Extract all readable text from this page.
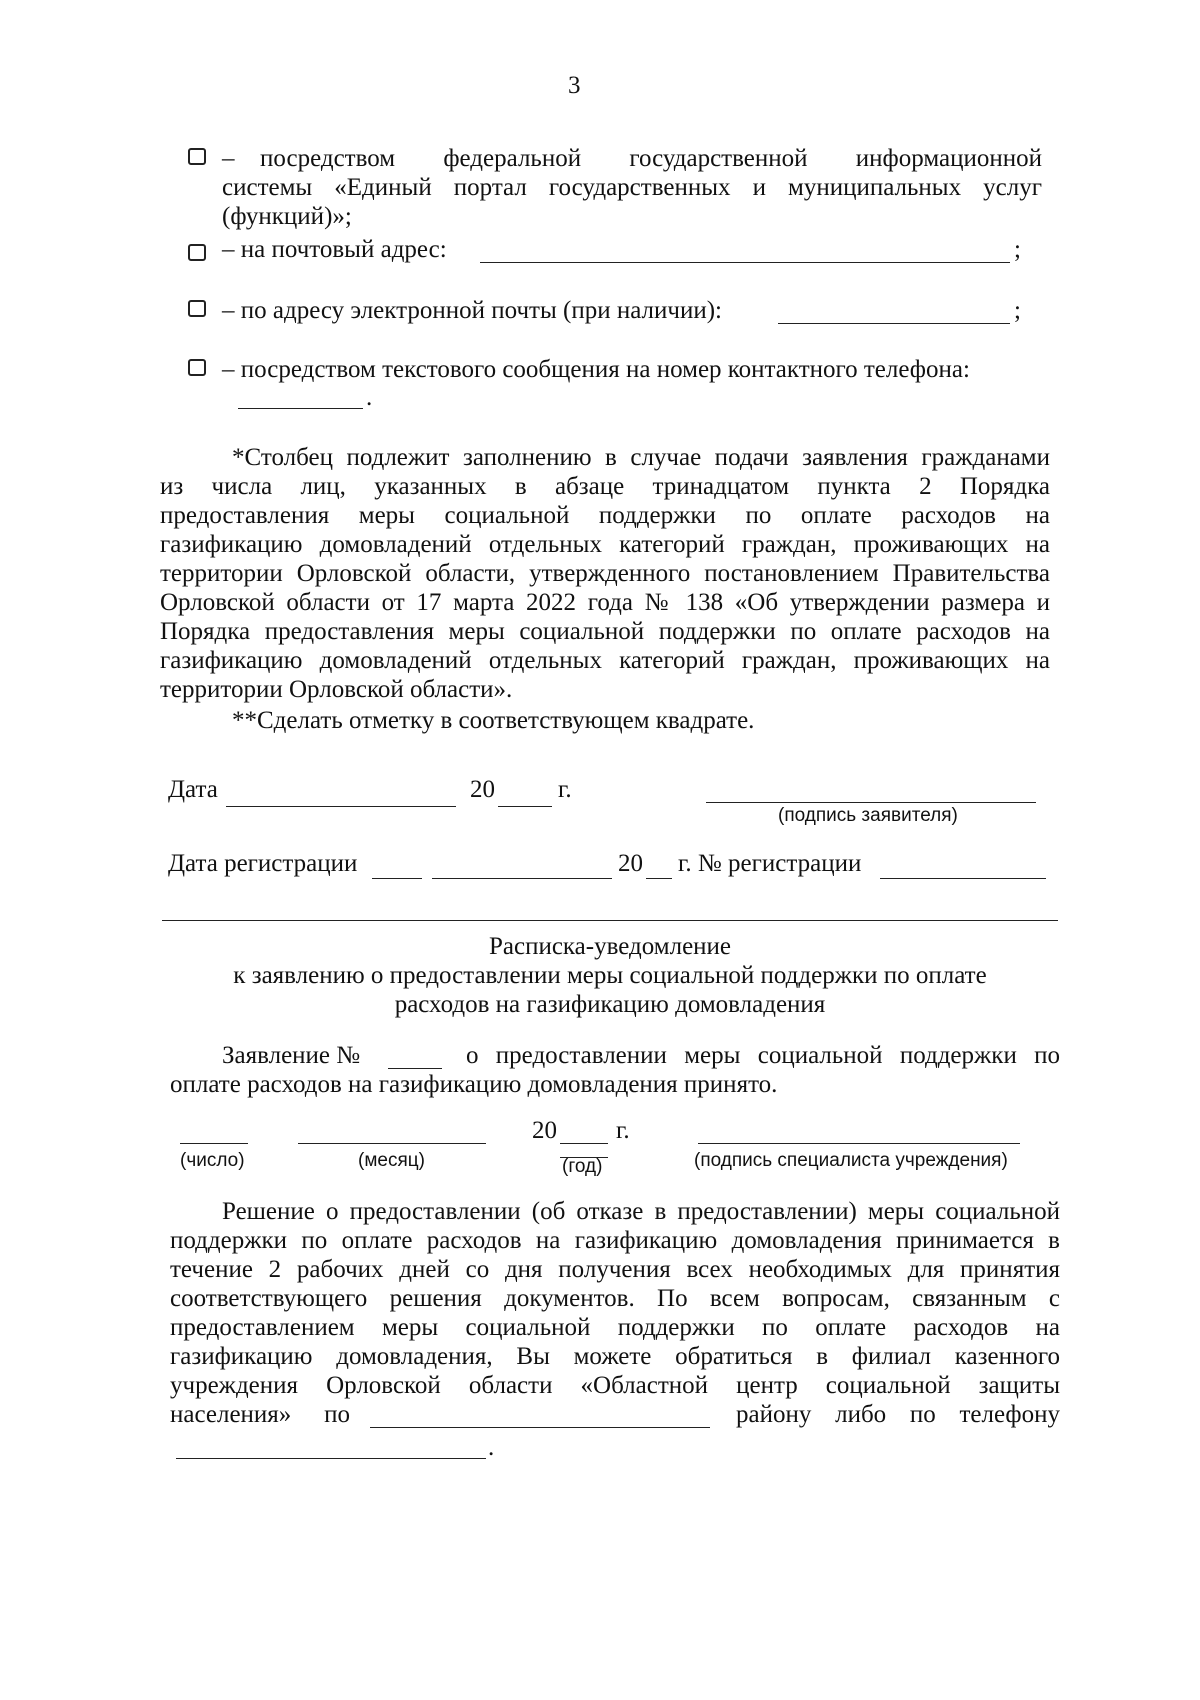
3
– посредством федеральной государственной информационной
системы «Единый портал государственных и муниципальных услуг
(функций)»;
– на почтовый адрес:	;
– по адресу электронной почты (при наличии):	;
– посредством текстового сообщения на номер контактного телефона:
.
*Столбец подлежит заполнению в случае подачи заявления гражданами
из числа лиц, указанных в абзаце тринадцатом пункта 2 Порядка
предоставления меры социальной поддержки по оплате расходов на
газификацию домовладений отдельных категорий граждан, проживающих на
территории Орловской области, утвержденного постановлением Правительства
Орловской области от 17 марта 2022 года № 138 «Об утверждении размера и
Порядка предоставления меры социальной поддержки по оплате расходов на
газификацию домовладений отдельных категорий граждан, проживающих на
территории Орловской области».
**Сделать отметку в соответствующем квадрате.
Дата	20	г.
(подпись заявителя)
Дата регистрации	20 г. № регистрации
Расписка-уведомление
к заявлению о предоставлении меры социальной поддержки по оплате
расходов на газификацию домовладения
Заявление №	о предоставлении меры социальной поддержки по
оплате расходов на газификацию домовладения принято.
20 г.
(число)	(месяц)	(год)	(подпись специалиста учреждения)
Решение о предоставлении (об отказе в предоставлении) меры социальной
поддержки по оплате расходов на газификацию домовладения принимается в
течение 2 рабочих дней со дня получения всех необходимых для принятия
соответствующего решения документов. По всем вопросам, связанным с
предоставлением меры социальной поддержки по оплате расходов на
газификацию домовладения, Вы можете обратиться в филиал казенного
учреждения Орловской области «Областной центр социальной защиты
населения» по	району либо по телефону
.
